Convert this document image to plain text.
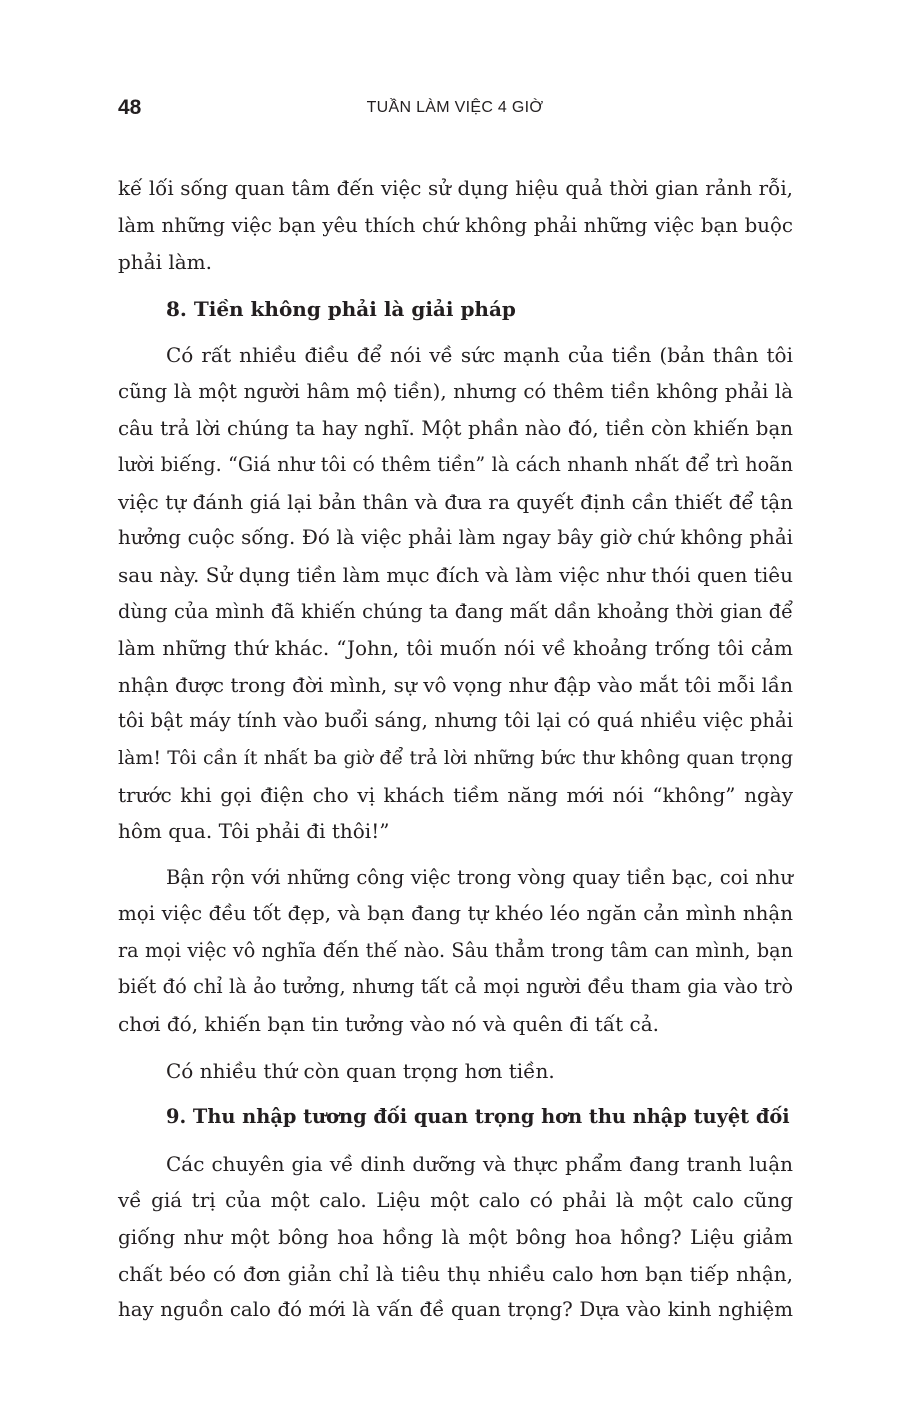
48	TUẦN LÀM VIỆC 4 GIỜ
kế lối sống quan tâm đến việc sử dụng hiệu quả thời gian rảnh rỗi,
làm những việc bạn yêu thích chứ không phải những việc bạn buộc
phải làm.
8. Tiền không phải là giải pháp
Có rất nhiều điều để nói về sức mạnh của tiền (bản thân tôi
cũng là một người hâm mộ tiền), nhưng có thêm tiền không phải là
câu trả lời chúng ta hay nghĩ. Một phần nào đó, tiền còn khiến bạn
lười biếng. “Giá như tôi có thêm tiền” là cách nhanh nhất để trì hoãn
việc tự đánh giá lại bản thân và đưa ra quyết định cần thiết để tận
hưởng cuộc sống. Đó là việc phải làm ngay bây giờ chứ không phải
sau này. Sử dụng tiền làm mục đích và làm việc như thói quen tiêu
dùng của mình đã khiến chúng ta đang mất dần khoảng thời gian để
làm những thứ khác. “John, tôi muốn nói về khoảng trống tôi cảm
nhận được trong đời mình, sự vô vọng như đập vào mắt tôi mỗi lần
tôi bật máy tính vào buổi sáng, nhưng tôi lại có quá nhiều việc phải
làm! Tôi cần ít nhất ba giờ để trả lời những bức thư không quan trọng
trước khi gọi điện cho vị khách tiềm năng mới nói “không” ngày
hôm qua. Tôi phải đi thôi!”
Bận rộn với những công việc trong vòng quay tiền bạc, coi như
mọi việc đều tốt đẹp, và bạn đang tự khéo léo ngăn cản mình nhận
ra mọi việc vô nghĩa đến thế nào. Sâu thẳm trong tâm can mình, bạn
biết đó chỉ là ảo tưởng, nhưng tất cả mọi người đều tham gia vào trò
chơi đó, khiến bạn tin tưởng vào nó và quên đi tất cả.
Có nhiều thứ còn quan trọng hơn tiền.
9. Thu nhập tương đối quan trọng hơn thu nhập tuyệt đối
Các chuyên gia về dinh dưỡng và thực phẩm đang tranh luận
về giá trị của một calo. Liệu một calo có phải là một calo cũng
giống như một bông hoa hồng là một bông hoa hồng? Liệu giảm
chất béo có đơn giản chỉ là tiêu thụ nhiều calo hơn bạn tiếp nhận,
hay nguồn calo đó mới là vấn đề quan trọng? Dựa vào kinh nghiệm
